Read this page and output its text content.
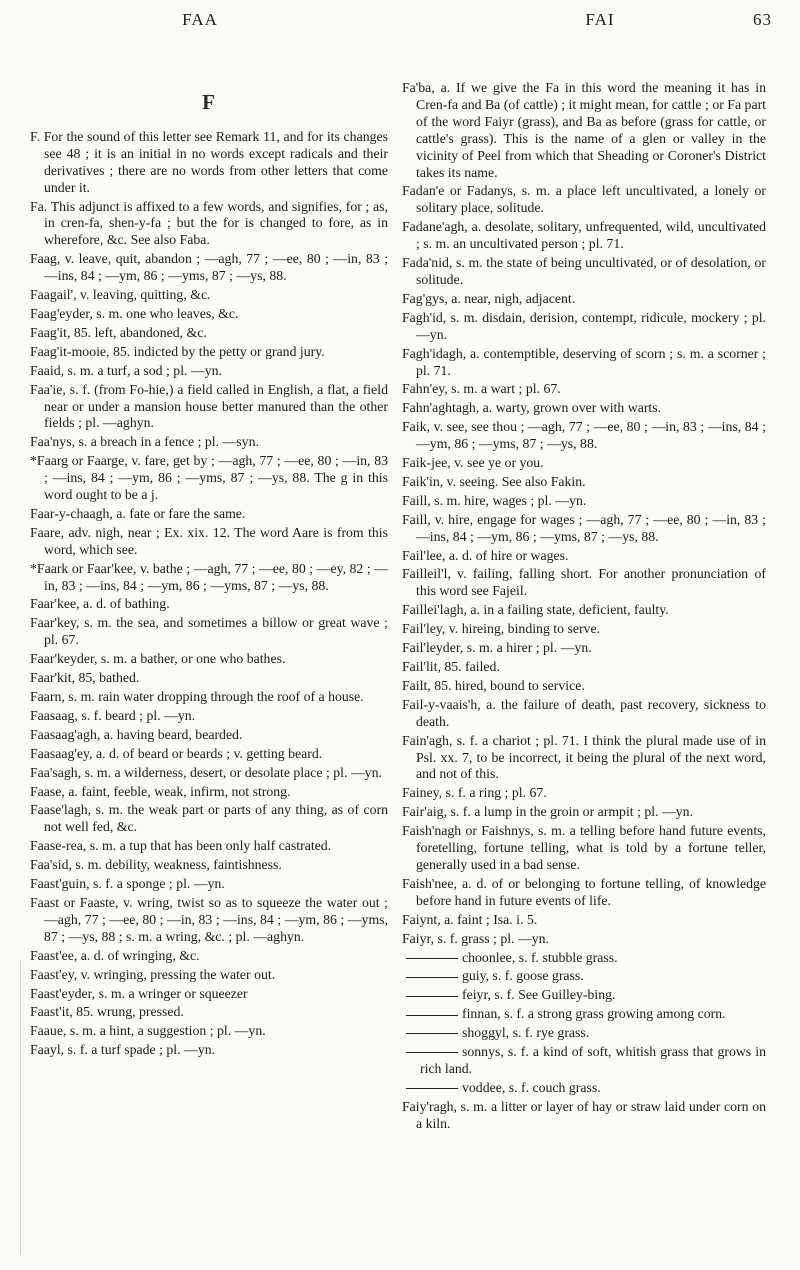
FAA	FAI	63
F

F. For the sound of this letter see Remark 11, and for its changes see 48 ; it is an initial in no words except radicals and their derivatives ; there are no words from other letters that come under it.

Fa. This adjunct is affixed to a few words, and signifies, for ; as, in cren-fa, shen-y-fa ; but the for is changed to fore, as in wherefore, &c. See also Faba.

Faag, v. leave, quit, abandon ; —agh, 77 ; —ee, 80 ; —in, 83 ; —ins, 84 ; —ym, 86 ; —yms, 87 ; —ys, 88.

Faagail', v. leaving, quitting, &c.

Faag'eyder, s. m. one who leaves, &c.

Faag'it, 85. left, abandoned, &c.

Faag'it-mooie, 85. indicted by the petty or grand jury.

Faaid, s. m. a turf, a sod ; pl. —yn.

Faa'ie, s. f. (from Fo-hie,) a field called in English, a flat, a field near or under a mansion house better manured than the other fields ; pl. —aghyn.

Faa'nys, s. a breach in a fence ; pl. —syn.

*Faarg or Faarge, v. fare, get by ; —agh, 77 ; —ee, 80 ; —in, 83 ; —ins, 84 ; —ym, 86 ; —yms, 87 ; —ys, 88. The g in this word ought to be a j.

Faar-y-chaagh, a. fate or fare the same.

Faare, adv. nigh, near ; Ex. xix. 12. The word Aare is from this word, which see.

*Faark or Faar'kee, v. bathe ; —agh, 77 ; —ee, 80 ; —ey, 82 ; —in, 83 ; —ins, 84 ; —ym, 86 ; —yms, 87 ; —ys, 88.

Faar'kee, a. d. of bathing.

Faar'key, s. m. the sea, and sometimes a billow or great wave ; pl. 67.

Faar'keyder, s. m. a bather, or one who bathes.

Faar'kit, 85, bathed.

Faarn, s. m. rain water dropping through the roof of a house.

Faasaag, s. f. beard ; pl. —yn.

Faasaag'agh, a. having beard, bearded.

Faasaag'ey, a. d. of beard or beards ; v. getting beard.

Faa'sagh, s. m. a wilderness, desert, or desolate place ; pl. —yn.

Faase, a. faint, feeble, weak, infirm, not strong.

Faase'lagh, s. m. the weak part or parts of any thing, as of corn not well fed, &c.

Faase-rea, s. m. a tup that has been only half castrated.

Faa'sid, s. m. debility, weakness, faintishness.

Faast'guin, s. f. a sponge ; pl. —yn.

Faast or Faaste, v. wring, twist so as to squeeze the water out ; —agh, 77 ; —ee, 80 ; —in, 83 ; —ins, 84 ; —ym, 86 ; —yms, 87 ; —ys, 88 ; s. m. a wring, &c. ; pl. —aghyn.

Faast'ee, a. d. of wringing, &c.

Faast'ey, v. wringing, pressing the water out.

Faast'eyder, s. m. a wringer or squeezer

Faast'it, 85. wrung, pressed.

Faaue, s. m. a hint, a suggestion ; pl. —yn.

Faayl, s. f. a turf spade ; pl. —yn.

Fa'ba, a. If we give the Fa in this word the meaning it has in Cren-fa and Ba (of cattle) ; it might mean, for cattle ; or Fa part of the word Faiyr (grass), and Ba as before (grass for cattle, or cattle's grass). This is the name of a glen or valley in the vicinity of Peel from which that Sheading or Coroner's District takes its name.

Fadan'e or Fadanys, s. m. a place left uncultivated, a lonely or solitary place, solitude.

Fadane'agh, a. desolate, solitary, unfrequented, wild, uncultivated ; s. m. an uncultivated person ; pl. 71.

Fada'nid, s. m. the state of being uncultivated, or of desolation, or solitude.

Fag'gys, a. near, nigh, adjacent.

Fagh'id, s. m. disdain, derision, contempt, ridicule, mockery ; pl. —yn.

Fagh'idagh, a. contemptible, deserving of scorn ; s. m. a scorner ; pl. 71.

Fahn'ey, s. m. a wart ; pl. 67.

Fahn'aghtagh, a. warty, grown over with warts.

Faik, v. see, see thou ; —agh, 77 ; —ee, 80 ; —in, 83 ; —ins, 84 ; —ym, 86 ; —yms, 87 ; —ys, 88.

Faik-jee, v. see ye or you.

Faik'in, v. seeing. See also Fakin.

Faill, s. m. hire, wages ; pl. —yn.

Faill, v. hire, engage for wages ; —agh, 77 ; —ee, 80 ; —in, 83 ; —ins, 84 ; —ym, 86 ; —yms, 87 ; —ys, 88.

Fail'lee, a. d. of hire or wages.

Failleil'l, v. failing, falling short. For another pronunciation of this word see Fajeil.

Faillei'lagh, a. in a failing state, deficient, faulty.

Fail'ley, v. hireing, binding to serve.

Fail'leyder, s. m. a hirer ; pl. —yn.

Fail'lit, 85. failed.

Failt, 85. hired, bound to service.

Fail-y-vaais'h, a. the failure of death, past recovery, sickness to death.

Fain'agh, s. f. a chariot ; pl. 71. I think the plural made use of in Psl. xx. 7, to be incorrect, it being the plural of the next word, and not of this.

Fainey, s. f. a ring ; pl. 67.

Fair'aig, s. f. a lump in the groin or armpit ; pl. —yn.

Faish'nagh or Faishnys, s. m. a telling before hand future events, foretelling, fortune telling, what is told by a fortune teller, generally used in a bad sense.

Faish'nee, a. d. of or belonging to fortune telling, of knowledge before hand in future events of life.

Faiynt, a. faint ; Isa. i. 5.

Faiyr, s. f. grass ; pl. —yn.

choonlee, s. f. stubble grass.

guiy, s. f. goose grass.

feiyr, s. f. See Guilley-bing.

finnan, s. f. a strong grass growing among corn.

shoggyl, s. f. rye grass.

sonnys, s. f. a kind of soft, whitish grass that grows in rich land.

voddee, s. f. couch grass.

Faiy'ragh, s. m. a litter or layer of hay or straw laid under corn on a kiln.
